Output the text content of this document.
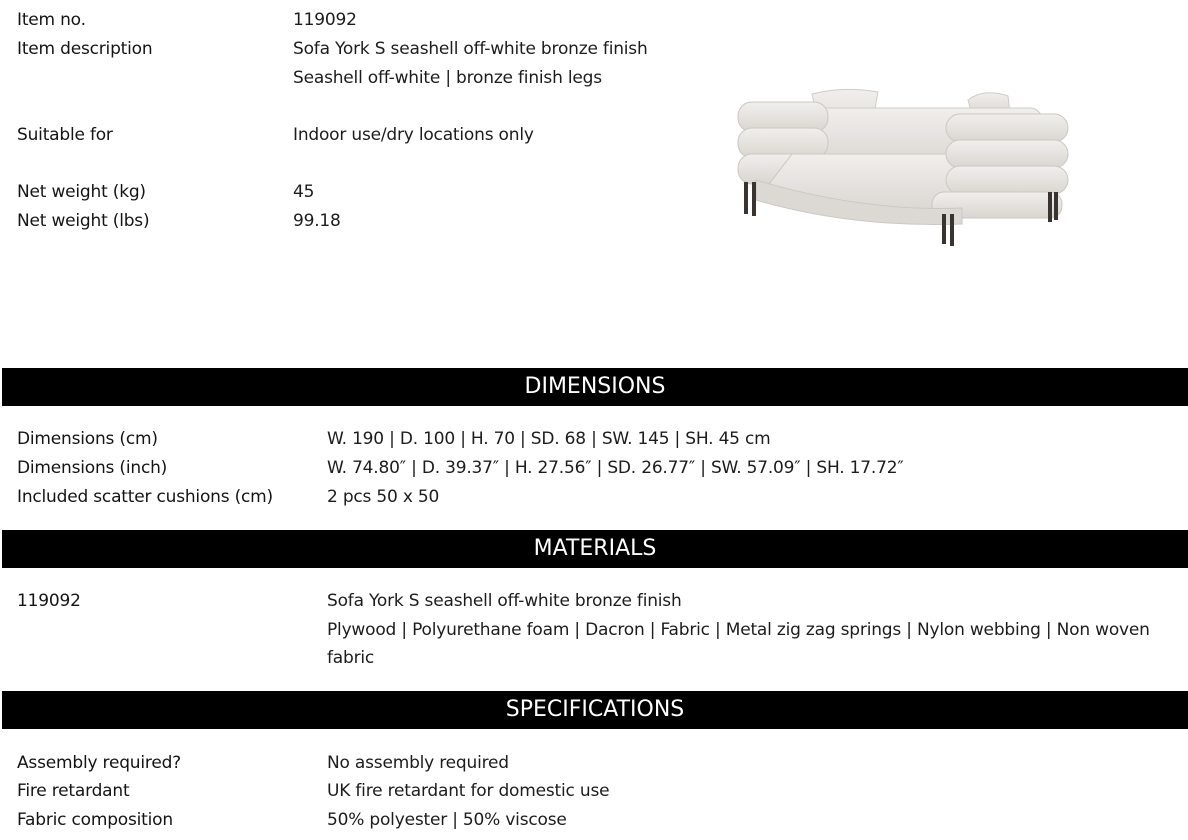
Item no.	119092
Item description	Sofa York S seashell off-white bronze finish
Seashell off-white | bronze finish legs
Suitable for	Indoor use/dry locations only
Net weight (kg)	45
Net weight (lbs)	99.18
DIMENSIONS
Dimensions (cm)	W. 190 | D. 100 | H. 70 | SD. 68 | SW. 145 | SH. 45 cm
Dimensions (inch)	W. 74.80″ | D. 39.37″ | H. 27.56″ | SD. 26.77″ | SW. 57.09″ | SH. 17.72″
Included scatter cushions (cm)	2 pcs 50 x 50
MATERIALS
119092	Sofa York S seashell off-white bronze finish
Plywood | Polyurethane foam | Dacron | Fabric | Metal zig zag springs | Nylon webbing | Non woven fabric
SPECIFICATIONS
Assembly required?	No assembly required
Fire retardant	UK fire retardant for domestic use
Fabric composition	50% polyester | 50% viscose
